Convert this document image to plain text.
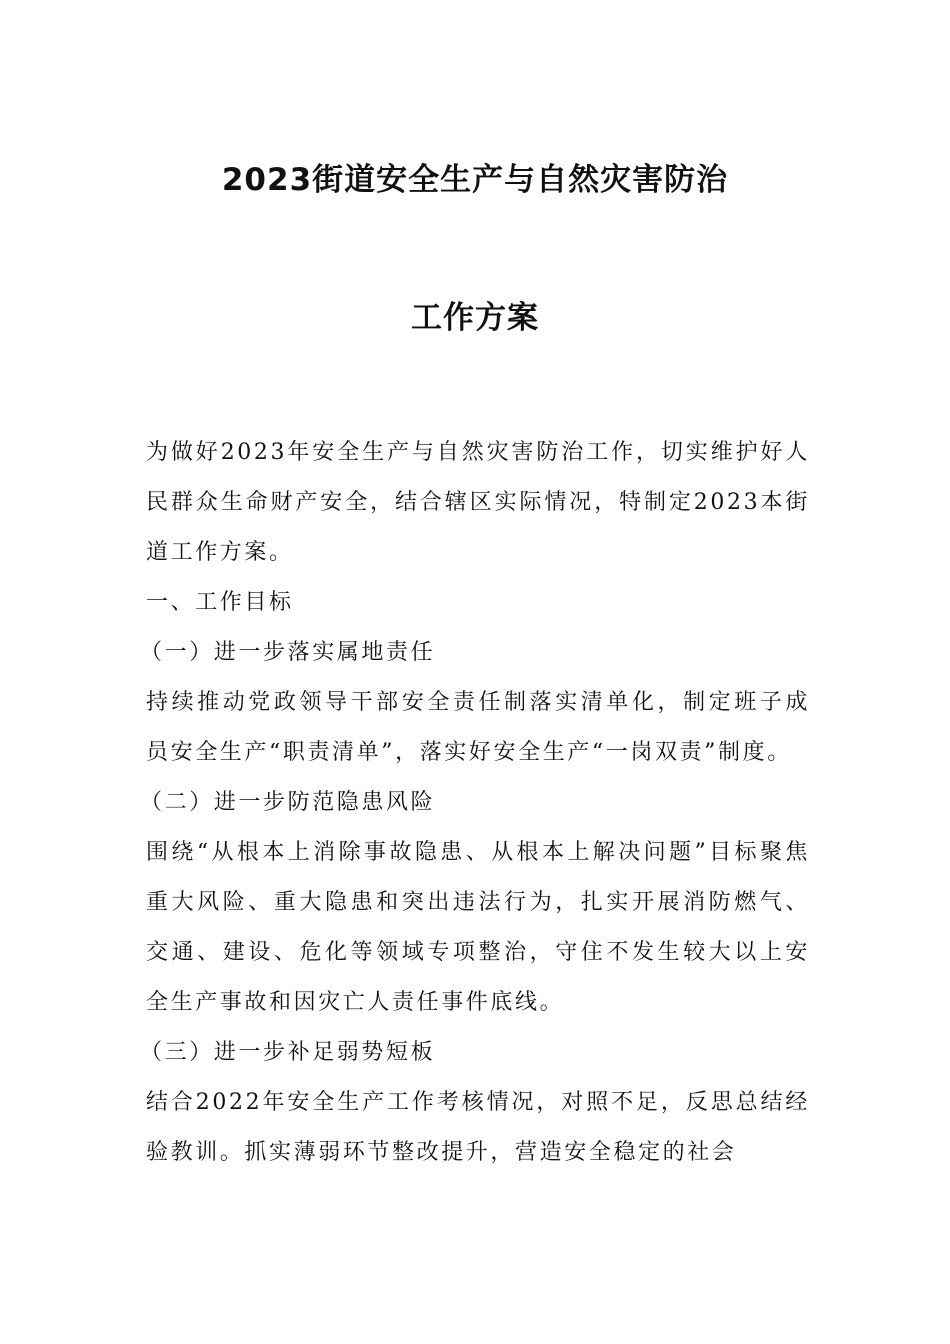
2023街道安全生产与自然灾害防治
工作方案

为做好2023年安全生产与自然灾害防治工作，切实维护好人民群众生命财产安全，结合辖区实际情况，特制定2023本街道工作方案。

一、工作目标

（一）进一步落实属地责任

持续推动党政领导干部安全责任制落实清单化，制定班子成员安全生产“职责清单”，落实好安全生产“一岗双责”制度。

（二）进一步防范隐患风险

围绕“从根本上消除事故隐患、从根本上解决问题”目标聚焦重大风险、重大隐患和突出违法行为，扎实开展消防燃气、交通、建设、危化等领域专项整治，守住不发生较大以上安全生产事故和因灾亡人责任事件底线。

（三）进一步补足弱势短板

结合2022年安全生产工作考核情况，对照不足，反思总结经验教训。抓实薄弱环节整改提升，营造安全稳定的社会
